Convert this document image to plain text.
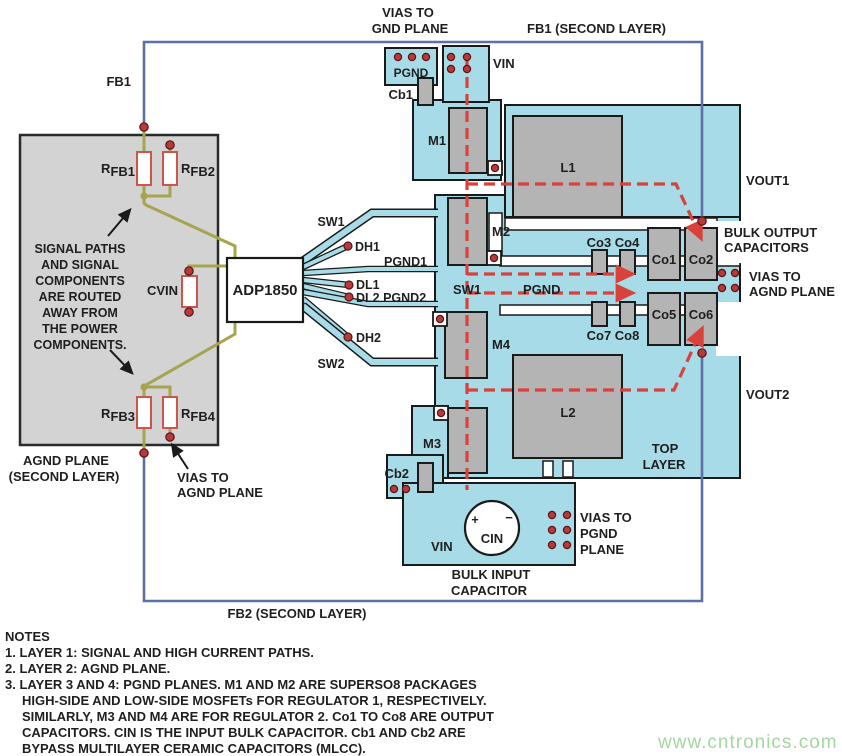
VIAS TO
GND PLANE	FB1 (SECOND LAYER)
FB1
PGND
Cb1
VIN
RFB1	RFB2
RFB3	RFB4
SIGNAL PATHS
AND SIGNAL
COMPONENTS
ARE ROUTED
AWAY FROM
THE POWER
COMPONENTS.
CVIN	ADP1850
SW1
DH1
PGND1
DL1
DL2 PGND2
DH2
SW2
M1
L1
M2
SW1	PGND
Co3 Co4
Co1 Co2
Co5 Co6
Co7 Co8
M4
L2
M3	TOP
LAYER
Cb2
VIN
CIN
+ −
VOUT1
BULK OUTPUT
CAPACITORS
VIAS TO
AGND PLANE
VOUT2
VIAS TO
PGND
PLANE
AGND PLANE
(SECOND LAYER)	VIAS TO
AGND PLANE
BULK INPUT
CAPACITOR
FB2 (SECOND LAYER)
NOTES
1. LAYER 1: SIGNAL AND HIGH CURRENT PATHS.
2. LAYER 2: AGND PLANE.
3. LAYER 3 AND 4: PGND PLANES. M1 AND M2 ARE SUPERSO8 PACKAGES
HIGH-SIDE AND LOW-SIDE MOSFETs FOR REGULATOR 1, RESPECTIVELY.
SIMILARLY, M3 AND M4 ARE FOR REGULATOR 2. Co1 TO Co8 ARE OUTPUT
CAPACITORS. CIN IS THE INPUT BULK CAPACITOR. Cb1 AND Cb2 ARE
BYPASS MULTILAYER CERAMIC CAPACITORS (MLCC).	www.cntronics.com
